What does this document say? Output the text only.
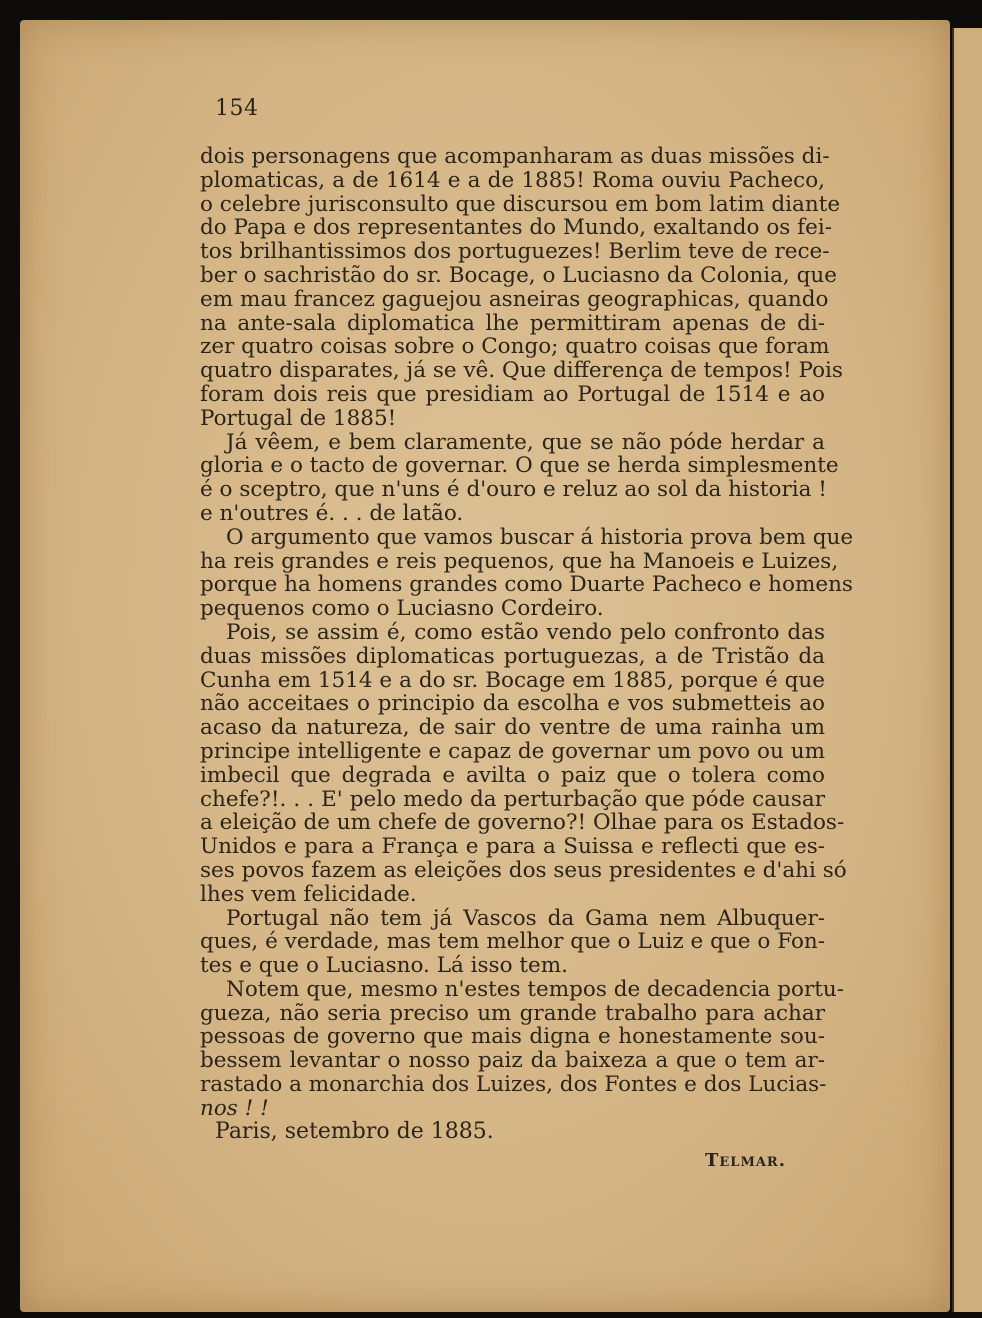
154
dois personagens que acompanharam as duas missões di-
plomaticas, a de 1614 e a de 1885! Roma ouviu Pacheco,
o celebre jurisconsulto que discursou em bom latim diante
do Papa e dos representantes do Mundo, exaltando os fei-
tos brilhantissimos dos portuguezes! Berlim teve de rece-
ber o sachristão do sr. Bocage, o Luciasno da Colonia, que
em mau francez gaguejou asneiras geographicas, quando
na ante-sala diplomatica lhe permittiram apenas de di-
zer quatro coisas sobre o Congo; quatro coisas que foram
quatro disparates, já se vê. Que differença de tempos! Pois
foram dois reis que presidiam ao Portugal de 1514 e ao
Portugal de 1885!
Já vêem, e bem claramente, que se não póde herdar a
gloria e o tacto de governar. O que se herda simplesmente
é o sceptro, que n'uns é d'ouro e reluz ao sol da historia !
e n'outres é. . . de latão.
O argumento que vamos buscar á historia prova bem que
ha reis grandes e reis pequenos, que ha Manoeis e Luizes,
porque ha homens grandes como Duarte Pacheco e homens
pequenos como o Luciasno Cordeiro.
Pois, se assim é, como estão vendo pelo confronto das
duas missões diplomaticas portuguezas, a de Tristão da
Cunha em 1514 e a do sr. Bocage em 1885, porque é que
não acceitaes o principio da escolha e vos submetteis ao
acaso da natureza, de sair do ventre de uma rainha um
principe intelligente e capaz de governar um povo ou um
imbecil que degrada e avilta o paiz que o tolera como
chefe?!. . . E' pelo medo da perturbação que póde causar
a eleição de um chefe de governo?! Olhae para os Estados-
Unidos e para a França e para a Suissa e reflecti que es-
ses povos fazem as eleições dos seus presidentes e d'ahi só
lhes vem felicidade.
Portugal não tem já Vascos da Gama nem Albuquer-
ques, é verdade, mas tem melhor que o Luiz e que o Fon-
tes e que o Luciasno. Lá isso tem.
Notem que, mesmo n'estes tempos de decadencia portu-
gueza, não seria preciso um grande trabalho para achar
pessoas de governo que mais digna e honestamente sou-
bessem levantar o nosso paiz da baixeza a que o tem ar-
rastado a monarchia dos Luizes, dos Fontes e dos Lucias-
nos ! !
Paris, setembro de 1885.
Telmar.
